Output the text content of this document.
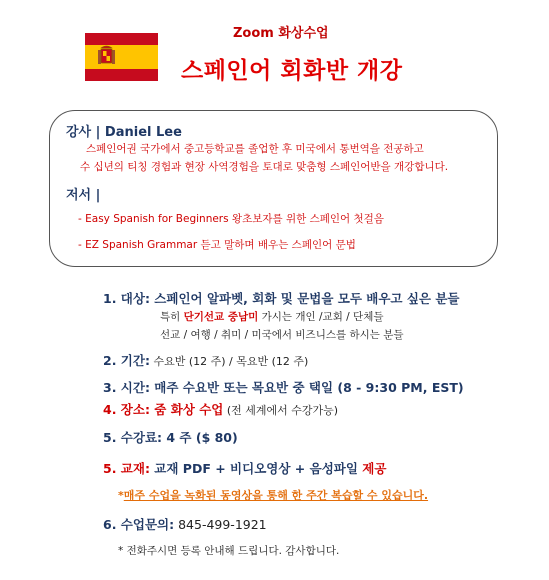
Zoom 화상수업
스페인어 회화반 개강
강사 | Daniel Lee
스페인어권 국가에서 중고등학교를 졸업한 후 미국에서 통번역을 전공하고
수 십년의 티칭 경험과 현장 사역경험을 토대로 맞춤형 스페인어반을 개강합니다.
저서 |
- Easy Spanish for Beginners 왕초보자를 위한 스페인어 첫걸음
- EZ Spanish Grammar 듣고 말하며 배우는 스페인어 문법
1. 대상: 스페인어 알파벳, 회화 및 문법을 모두 배우고 싶은 분들
특히 단기선교 중남미 가시는 개인 /교회 / 단체들
선교 / 여행 / 취미 / 미국에서 비즈니스를 하시는 분들
2. 기간: 수요반 (12 주) / 목요반 (12 주)
3. 시간: 매주 수요반 또는 목요반 중 택일 (8 - 9:30 PM, EST)
4. 장소: 줌 화상 수업 (전 세계에서 수강가능)
5. 수강료: 4 주 ($ 80)
5. 교재: 교재 PDF + 비디오영상 + 음성파일 제공
*매주 수업을 녹화된 동영상을 통해 한 주간 복습할 수 있습니다.
6. 수업문의: 845-499-1921
* 전화주시면 등록 안내해 드립니다. 감사합니다.
